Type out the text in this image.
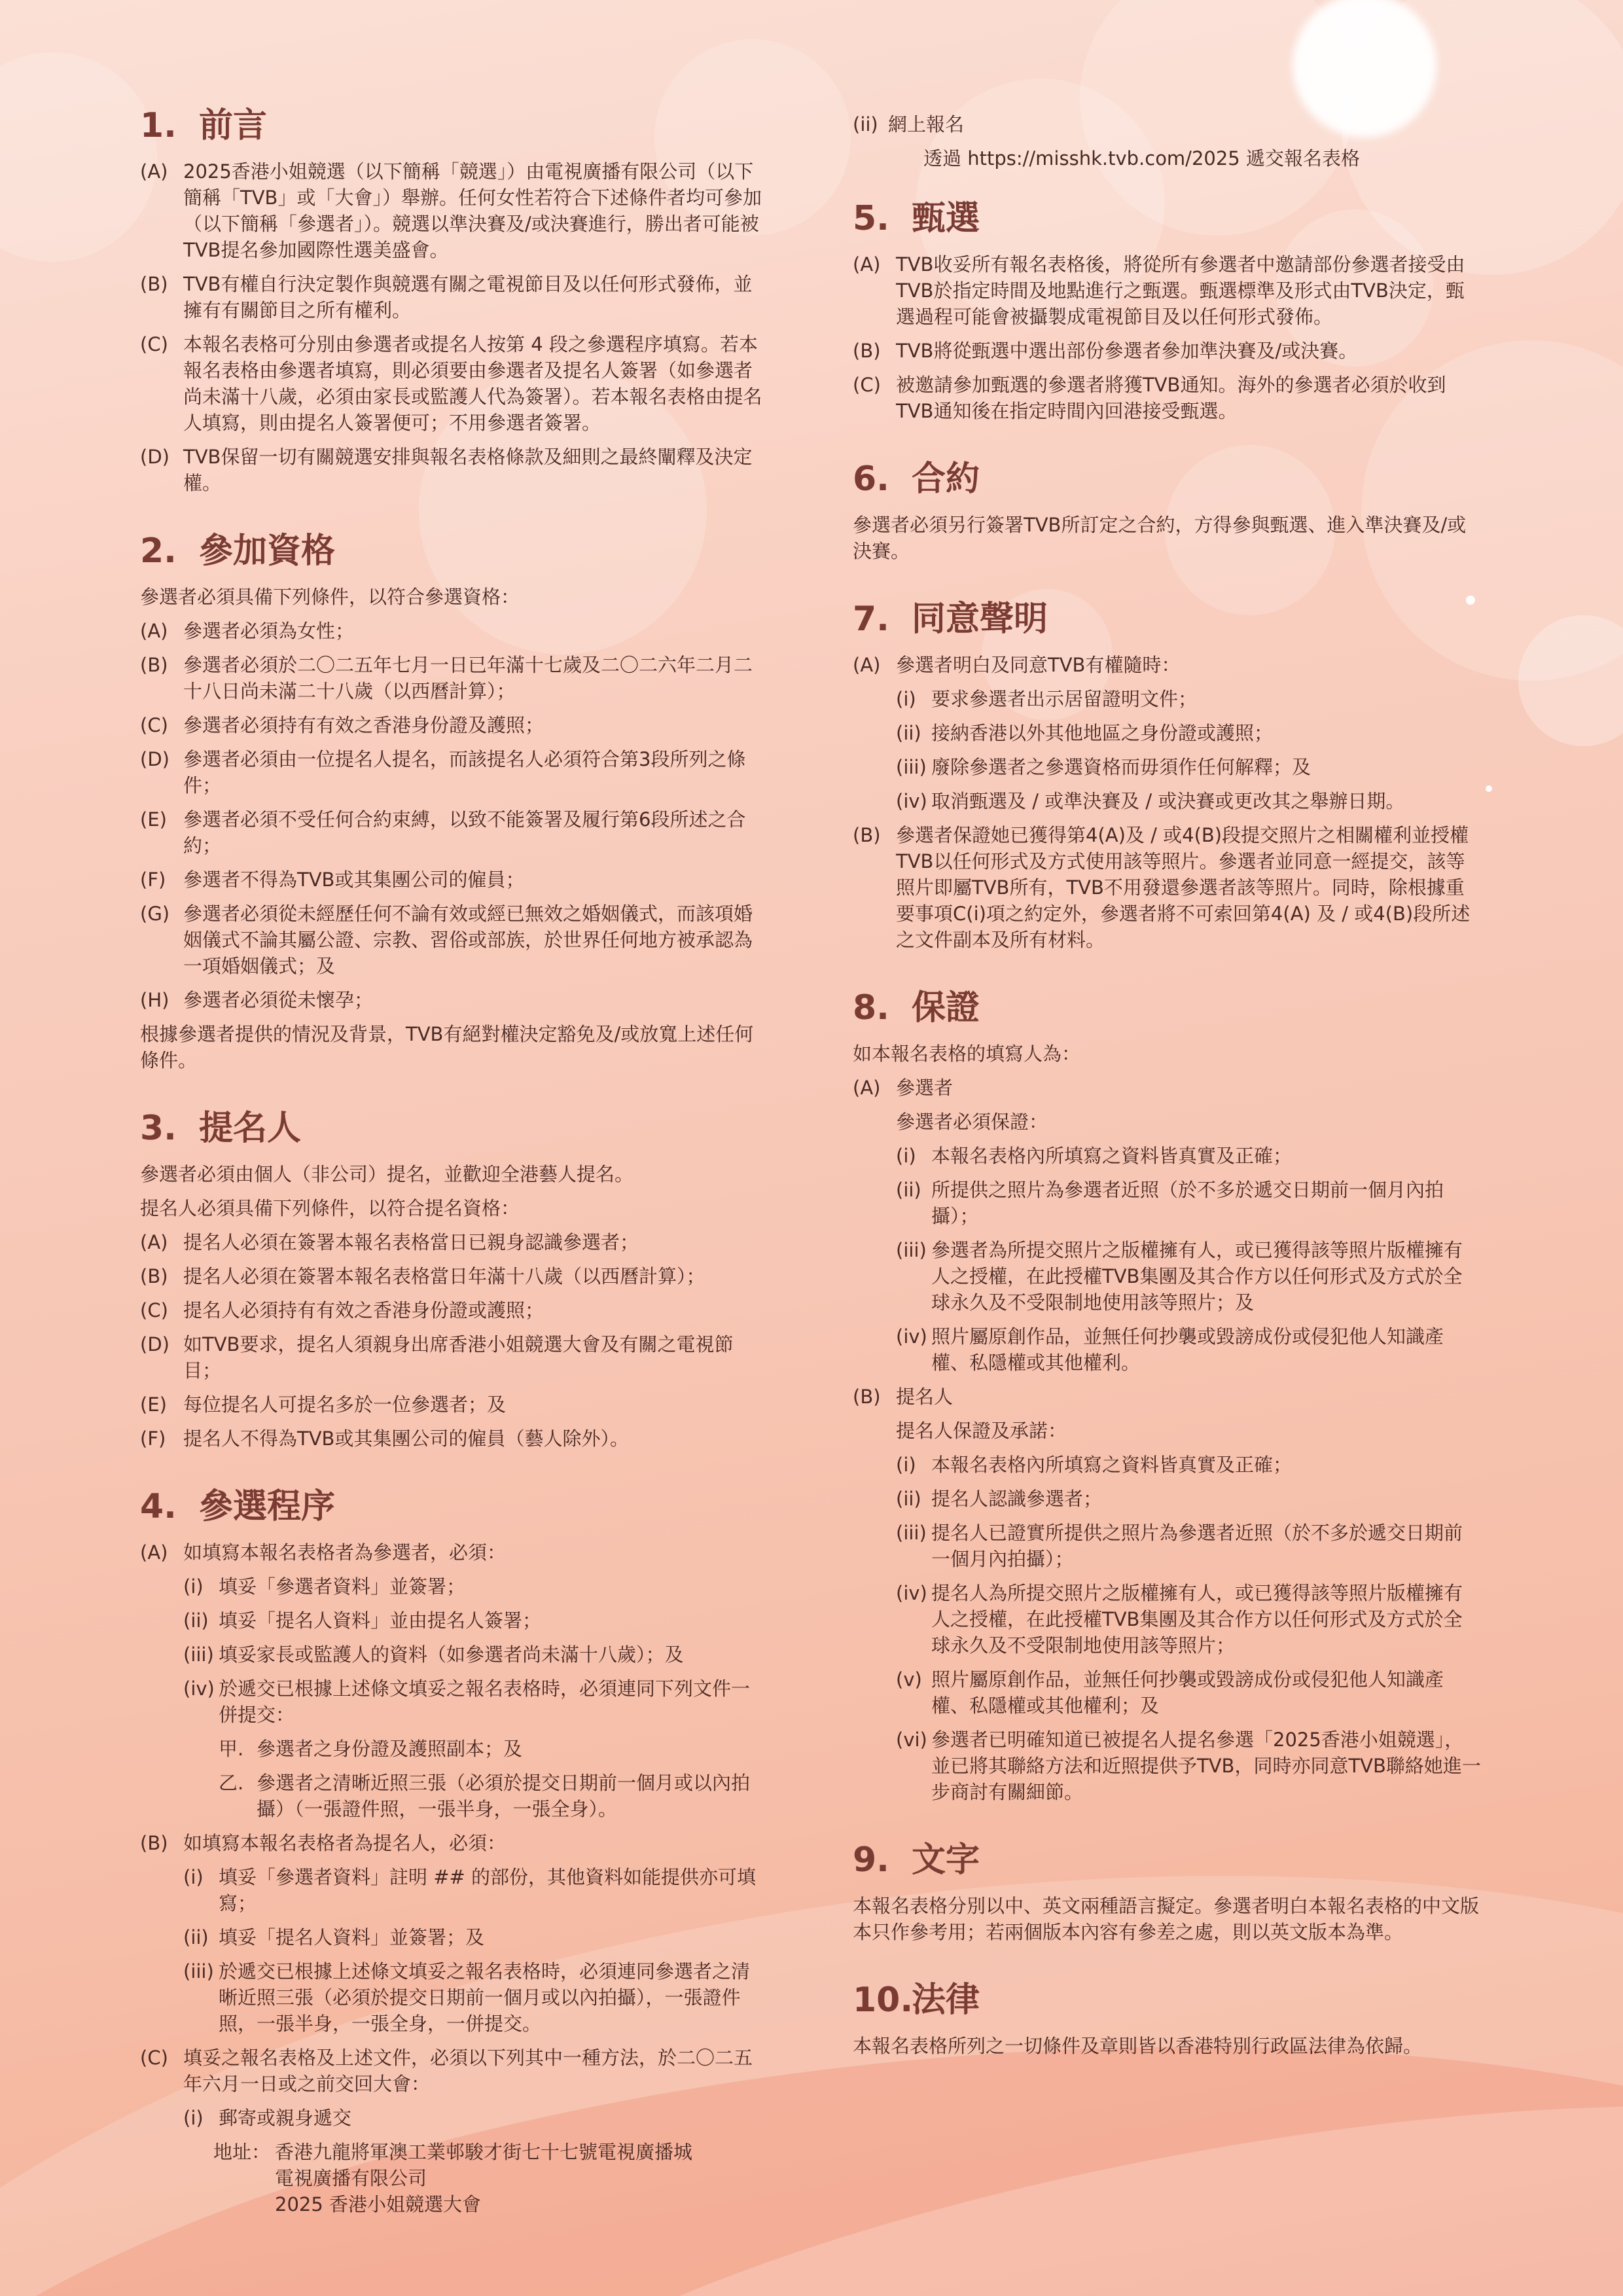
1. 前言
(A) 2025香港小姐競選（以下簡稱「競選」）由電視廣播有限公司（以下簡稱「TVB」或「大會」）舉辦。任何女性若符合下述條件者均可參加（以下簡稱「參選者」）。競選以準決賽及/或決賽進行，勝出者可能被TVB提名參加國際性選美盛會。
(B) TVB有權自行決定製作與競選有關之電視節目及以任何形式發佈，並擁有有關節目之所有權利。
(C) 本報名表格可分別由參選者或提名人按第 4 段之參選程序填寫。若本報名表格由參選者填寫，則必須要由參選者及提名人簽署（如參選者尚未滿十八歲，必須由家長或監護人代為簽署）。若本報名表格由提名人填寫，則由提名人簽署便可；不用參選者簽署。
(D) TVB保留一切有關競選安排與報名表格條款及細則之最終闡釋及決定權。
2. 參加資格
參選者必須具備下列條件，以符合參選資格：
(A) 參選者必須為女性；
(B) 參選者必須於二〇二五年七月一日已年滿十七歲及二〇二六年二月二十八日尚未滿二十八歲（以西曆計算）；
(C) 參選者必須持有有效之香港身份證及護照；
(D) 參選者必須由一位提名人提名，而該提名人必須符合第3段所列之條件；
(E) 參選者必須不受任何合約束縛，以致不能簽署及履行第6段所述之合約；
(F) 參選者不得為TVB或其集團公司的僱員；
(G) 參選者必須從未經歷任何不論有效或經已無效之婚姻儀式，而該項婚姻儀式不論其屬公證、宗教、習俗或部族，於世界任何地方被承認為一項婚姻儀式；及
(H) 參選者必須從未懷孕；
根據參選者提供的情況及背景，TVB有絕對權決定豁免及/或放寬上述任何條件。
3. 提名人
參選者必須由個人（非公司）提名，並歡迎全港藝人提名。
提名人必須具備下列條件，以符合提名資格：
(A) 提名人必須在簽署本報名表格當日已親身認識參選者；
(B) 提名人必須在簽署本報名表格當日年滿十八歲（以西曆計算）；
(C) 提名人必須持有有效之香港身份證或護照；
(D) 如TVB要求，提名人須親身出席香港小姐競選大會及有關之電視節目；
(E) 每位提名人可提名多於一位參選者；及
(F) 提名人不得為TVB或其集團公司的僱員（藝人除外）。
4. 參選程序
(A) 如填寫本報名表格者為參選者，必須：
(i) 填妥「參選者資料」並簽署；
(ii) 填妥「提名人資料」並由提名人簽署；
(iii) 填妥家長或監護人的資料（如參選者尚未滿十八歲）；及
(iv) 於遞交已根據上述條文填妥之報名表格時，必須連同下列文件一併提交：
甲. 參選者之身份證及護照副本；及
乙. 參選者之清晰近照三張（必須於提交日期前一個月或以內拍攝）（一張證件照，一張半身，一張全身）。
(B) 如填寫本報名表格者為提名人，必須：
(i) 填妥「參選者資料」註明 ## 的部份，其他資料如能提供亦可填寫；
(ii) 填妥「提名人資料」並簽署；及
(iii) 於遞交已根據上述條文填妥之報名表格時，必須連同參選者之清晰近照三張（必須於提交日期前一個月或以內拍攝），一張證件照，一張半身，一張全身，一併提交。
(C) 填妥之報名表格及上述文件，必須以下列其中一種方法，於二〇二五年六月一日或之前交回大會：
(i) 郵寄或親身遞交
地址： 香港九龍將軍澳工業邨駿才街七十七號電視廣播城
電視廣播有限公司
2025 香港小姐競選大會
(ii) 網上報名
透過 https://misshk.tvb.com/2025 遞交報名表格
5. 甄選
(A) TVB收妥所有報名表格後，將從所有參選者中邀請部份參選者接受由TVB於指定時間及地點進行之甄選。甄選標準及形式由TVB決定，甄選過程可能會被攝製成電視節目及以任何形式發佈。
(B) TVB將從甄選中選出部份參選者參加準決賽及/或決賽。
(C) 被邀請參加甄選的參選者將獲TVB通知。海外的參選者必須於收到TVB通知後在指定時間內回港接受甄選。
6. 合約
參選者必須另行簽署TVB所訂定之合約，方得參與甄選、進入準決賽及/或決賽。
7. 同意聲明
(A) 參選者明白及同意TVB有權隨時：
(i) 要求參選者出示居留證明文件；
(ii) 接納香港以外其他地區之身份證或護照；
(iii) 廢除參選者之參選資格而毋須作任何解釋；及
(iv) 取消甄選及 / 或準決賽及 / 或決賽或更改其之舉辦日期。
(B) 參選者保證她已獲得第4(A)及 / 或4(B)段提交照片之相關權利並授權TVB以任何形式及方式使用該等照片。參選者並同意一經提交，該等照片即屬TVB所有，TVB不用發還參選者該等照片。同時，除根據重要事項C(i)項之約定外，參選者將不可索回第4(A) 及 / 或4(B)段所述之文件副本及所有材料。
8. 保證
如本報名表格的填寫人為：
(A) 參選者
參選者必須保證：
(i) 本報名表格內所填寫之資料皆真實及正確；
(ii) 所提供之照片為參選者近照（於不多於遞交日期前一個月內拍攝）；
(iii) 參選者為所提交照片之版權擁有人，或已獲得該等照片版權擁有人之授權，在此授權TVB集團及其合作方以任何形式及方式於全球永久及不受限制地使用該等照片；及
(iv) 照片屬原創作品，並無任何抄襲或毀謗成份或侵犯他人知識產權、私隱權或其他權利。
(B) 提名人
提名人保證及承諾：
(i) 本報名表格內所填寫之資料皆真實及正確；
(ii) 提名人認識參選者；
(iii) 提名人已證實所提供之照片為參選者近照（於不多於遞交日期前一個月內拍攝）；
(iv) 提名人為所提交照片之版權擁有人，或已獲得該等照片版權擁有人之授權，在此授權TVB集團及其合作方以任何形式及方式於全球永久及不受限制地使用該等照片；
(v) 照片屬原創作品，並無任何抄襲或毀謗成份或侵犯他人知識產權、私隱權或其他權利；及
(vi) 參選者已明確知道已被提名人提名參選「2025香港小姐競選」，並已將其聯絡方法和近照提供予TVB，同時亦同意TVB聯絡她進一步商討有關細節。
9. 文字
本報名表格分別以中、英文兩種語言擬定。參選者明白本報名表格的中文版本只作參考用；若兩個版本內容有參差之處，則以英文版本為準。
10.法律
本報名表格所列之一切條件及章則皆以香港特別行政區法律為依歸。
